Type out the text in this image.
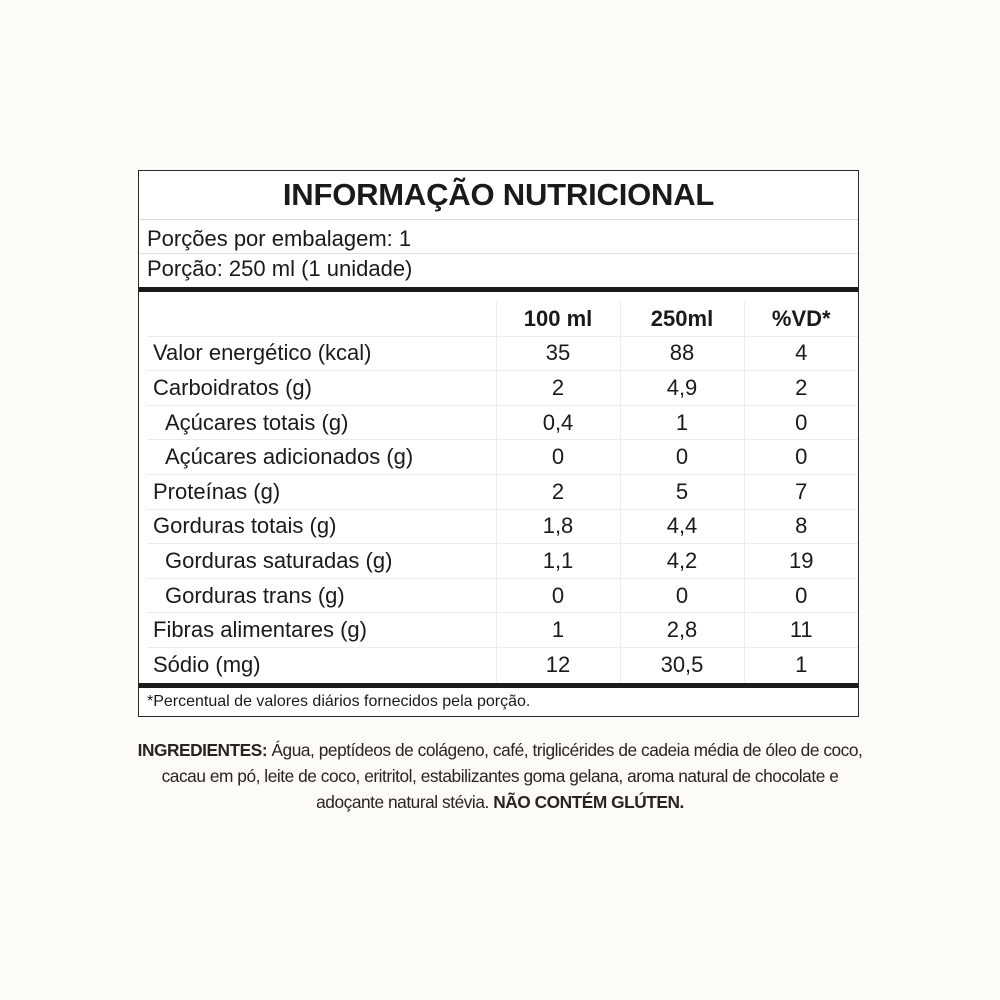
INFORMAÇÃO NUTRICIONAL
Porções por embalagem: 1
Porção: 250 ml (1 unidade)
	100 ml	250ml	%VD*
Valor energético (kcal)	35	88	4
Carboidratos (g)	2	4,9	2
Açúcares totais (g)	0,4	1	0
Açúcares adicionados (g)	0	0	0
Proteínas (g)	2	5	7
Gorduras totais (g)	1,8	4,4	8
Gorduras saturadas (g)	1,1	4,2	19
Gorduras trans (g)	0	0	0
Fibras alimentares (g)	1	2,8	11
Sódio (mg)	12	30,5	1
*Percentual de valores diários fornecidos pela porção.
INGREDIENTES: Água, peptídeos de colágeno, café, triglicérides de cadeia média de óleo de coco, cacau em pó, leite de coco, eritritol, estabilizantes goma gelana, aroma natural de chocolate e adoçante natural stévia. NÃO CONTÉM GLÚTEN.
